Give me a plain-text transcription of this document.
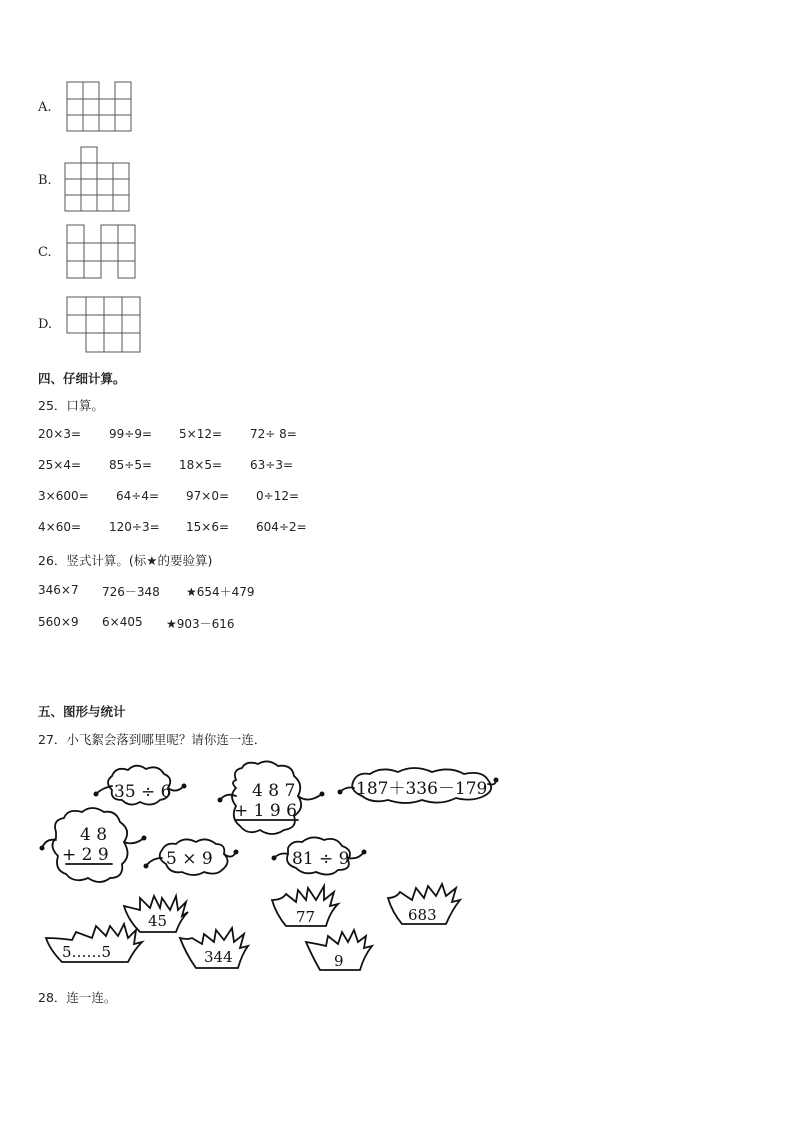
A.
B.
C.
D.
四、仔细计算。
25．口算。
20×3= 99÷9= 5×12= 72÷ 8=
25×4= 85÷5= 18×5= 63÷3=
3×600= 64÷4= 97×0= 0÷12=
4×60= 120÷3= 15×6= 604÷2=
26．竖式计算。(标★的要验算)
346×7 726－348 ★654＋479
560×9 6×405 ★903－616
五、图形与统计
27．小飞絮会落到哪里呢？请你连一连．
35 ÷ 6	4 8 7
+ 1 9 6
187＋336－179
4 8
+ 2 9	5 × 9	81 ÷ 9
45	77	683
5……5	344	9
28．连一连。
